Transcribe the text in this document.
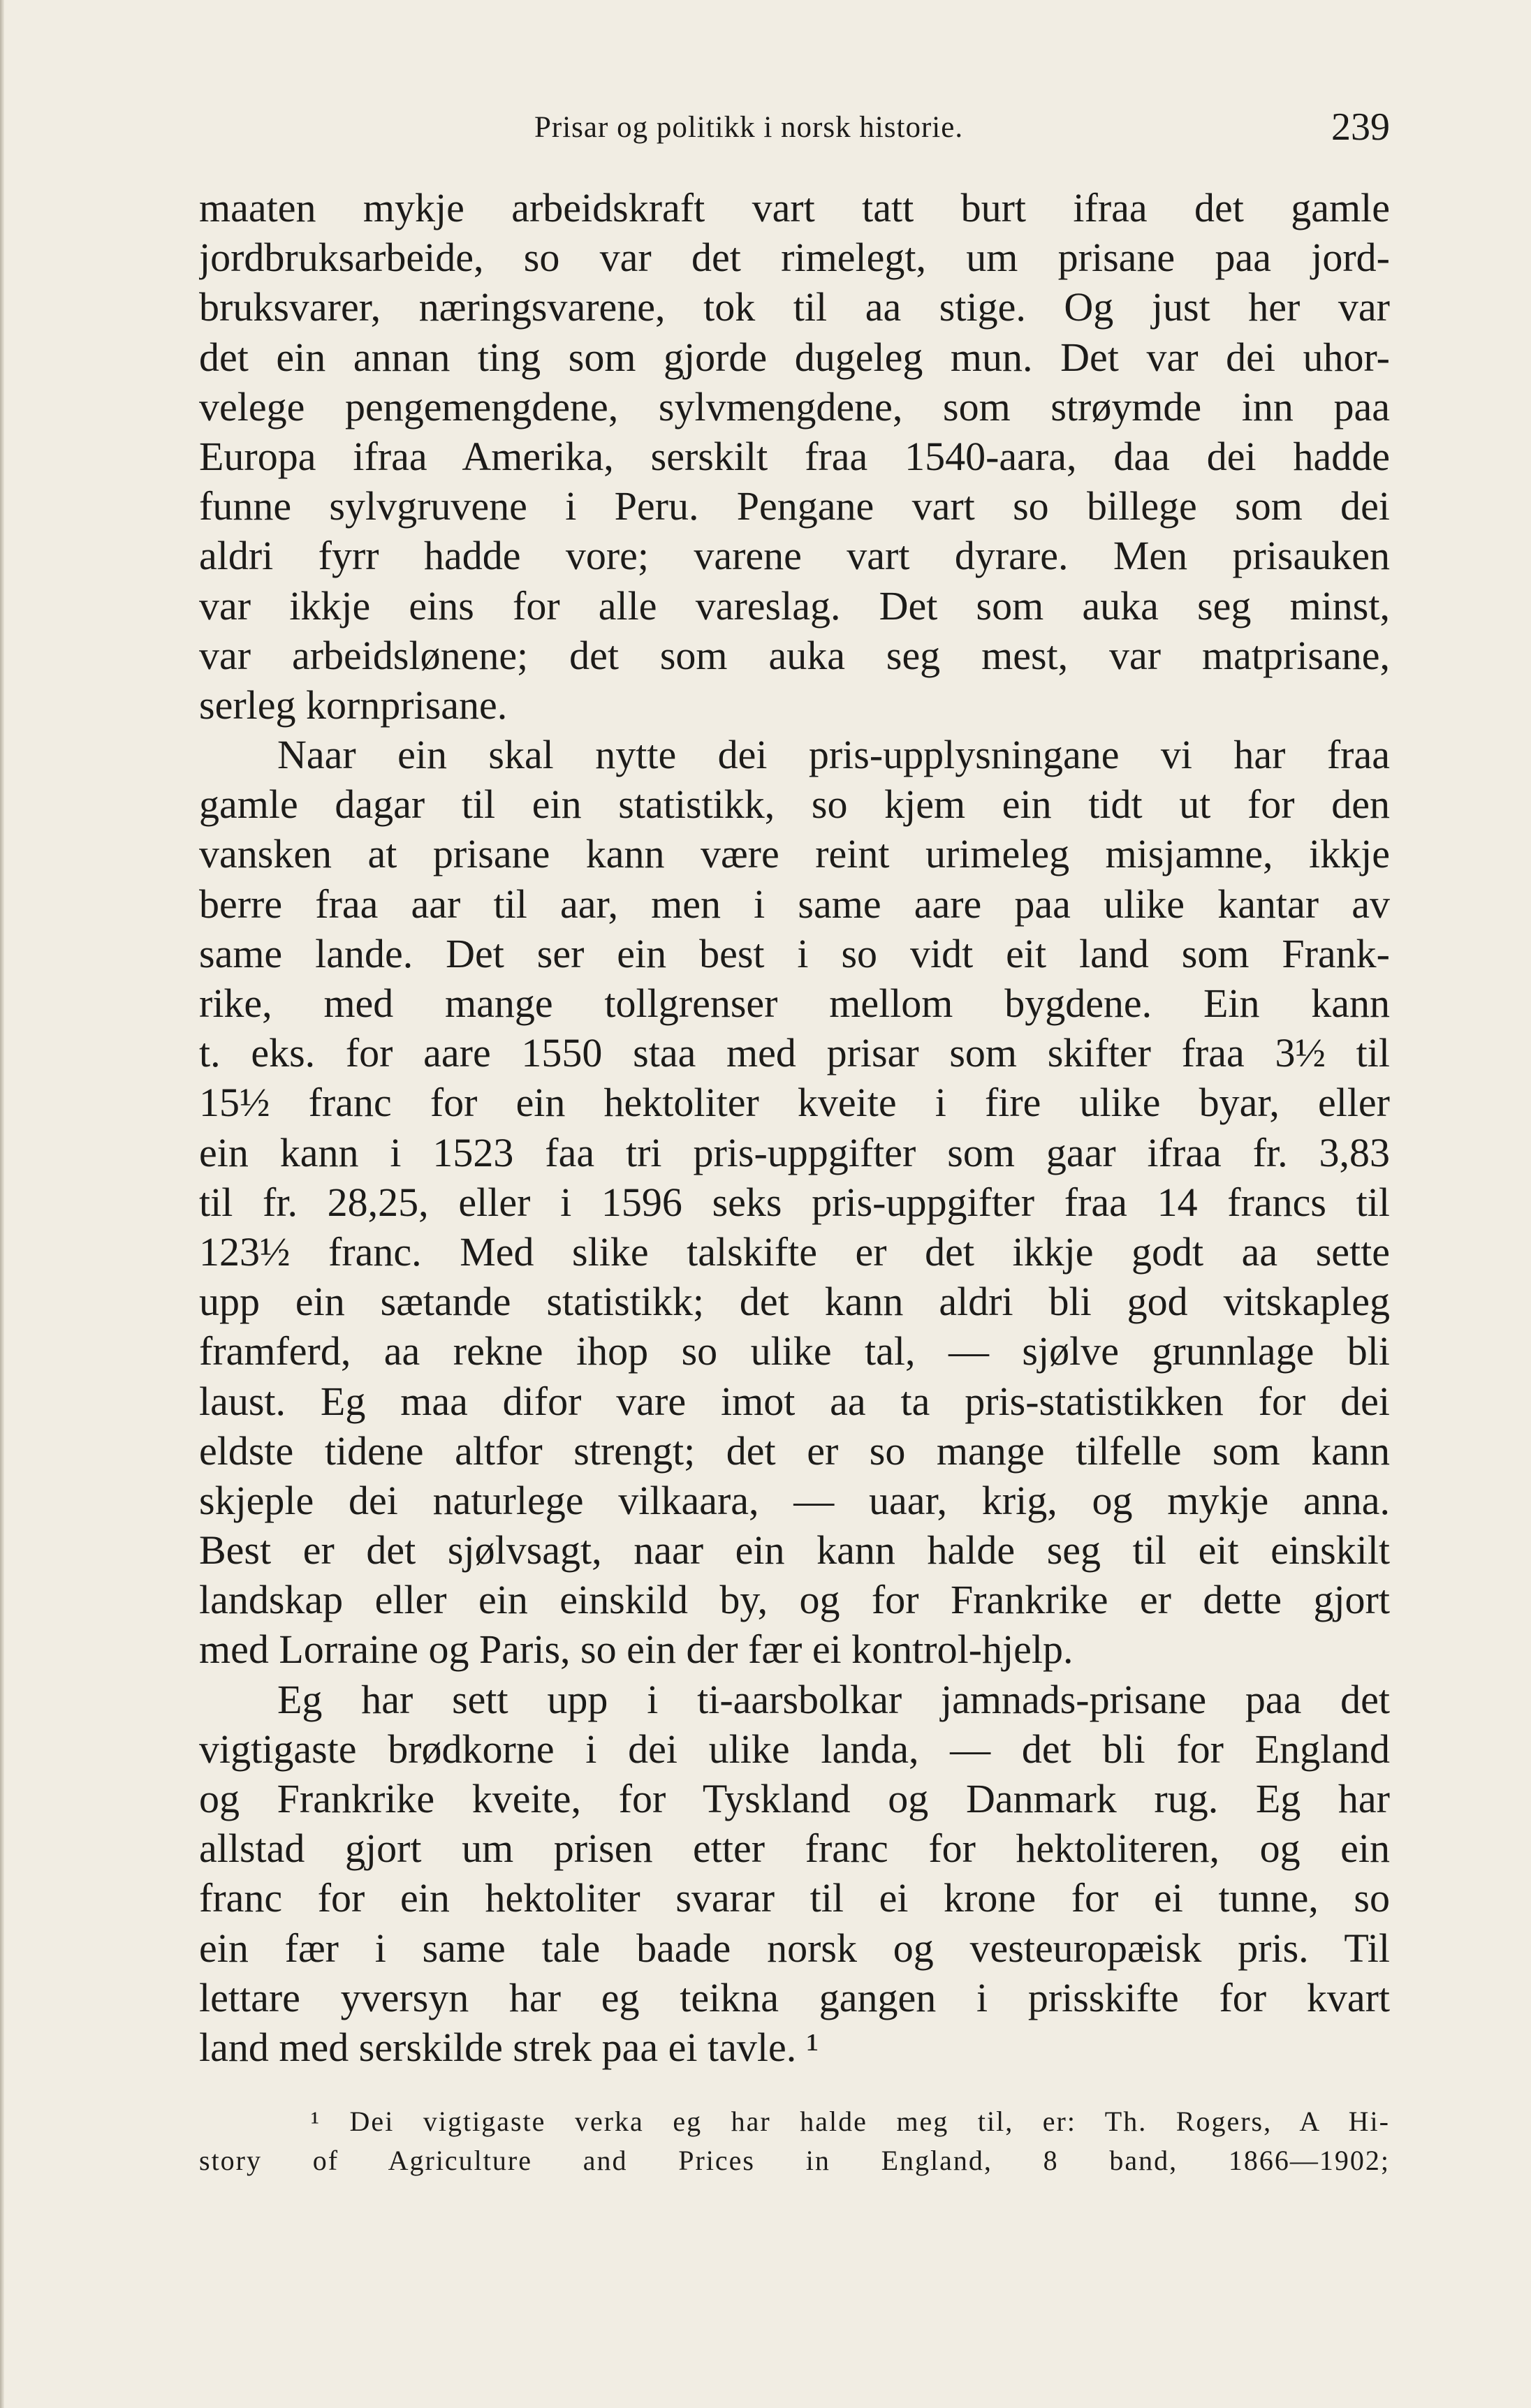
Prisar og politikk i norsk historie.	239
maaten mykje arbeidskraft vart tatt burt ifraa det gamle
jordbruksarbeide, so var det rimelegt, um prisane paa jord-
bruksvarer, næringsvarene, tok til aa stige. Og just her var
det ein annan ting som gjorde dugeleg mun. Det var dei uhor-
velege pengemengdene, sylvmengdene, som strøymde inn paa
Europa ifraa Amerika, serskilt fraa 1540-aara, daa dei hadde
funne sylvgruvene i Peru. Pengane vart so billege som dei
aldri fyrr hadde vore; varene vart dyrare. Men prisauken
var ikkje eins for alle vareslag. Det som auka seg minst,
var arbeidslønene; det som auka seg mest, var matprisane,
serleg kornprisane.
Naar ein skal nytte dei pris-upplysningane vi har fraa
gamle dagar til ein statistikk, so kjem ein tidt ut for den
vansken at prisane kann være reint urimeleg misjamne, ikkje
berre fraa aar til aar, men i same aare paa ulike kantar av
same lande. Det ser ein best i so vidt eit land som Frank-
rike, med mange tollgrenser mellom bygdene. Ein kann
t. eks. for aare 1550 staa med prisar som skifter fraa 3½ til
15½ franc for ein hektoliter kveite i fire ulike byar, eller
ein kann i 1523 faa tri pris-uppgifter som gaar ifraa fr. 3,83
til fr. 28,25, eller i 1596 seks pris-uppgifter fraa 14 francs til
123½ franc. Med slike talskifte er det ikkje godt aa sette
upp ein sætande statistikk; det kann aldri bli god vitskapleg
framferd, aa rekne ihop so ulike tal, — sjølve grunnlage bli
laust. Eg maa difor vare imot aa ta pris-statistikken for dei
eldste tidene altfor strengt; det er so mange tilfelle som kann
skjeple dei naturlege vilkaara, — uaar, krig, og mykje anna.
Best er det sjølvsagt, naar ein kann halde seg til eit einskilt
landskap eller ein einskild by, og for Frankrike er dette gjort
med Lorraine og Paris, so ein der fær ei kontrol-hjelp.
Eg har sett upp i ti-aarsbolkar jamnads-prisane paa det
vigtigaste brødkorne i dei ulike landa, — det bli for England
og Frankrike kveite, for Tyskland og Danmark rug. Eg har
allstad gjort um prisen etter franc for hektoliteren, og ein
franc for ein hektoliter svarar til ei krone for ei tunne, so
ein fær i same tale baade norsk og vesteuropæisk pris. Til
lettare yversyn har eg teikna gangen i prisskifte for kvart
land med serskilde strek paa ei tavle. ¹
¹ Dei vigtigaste verka eg har halde meg til, er: Th. Rogers, A Hi-
story of Agriculture and Prices in England, 8 band, 1866—1902;
